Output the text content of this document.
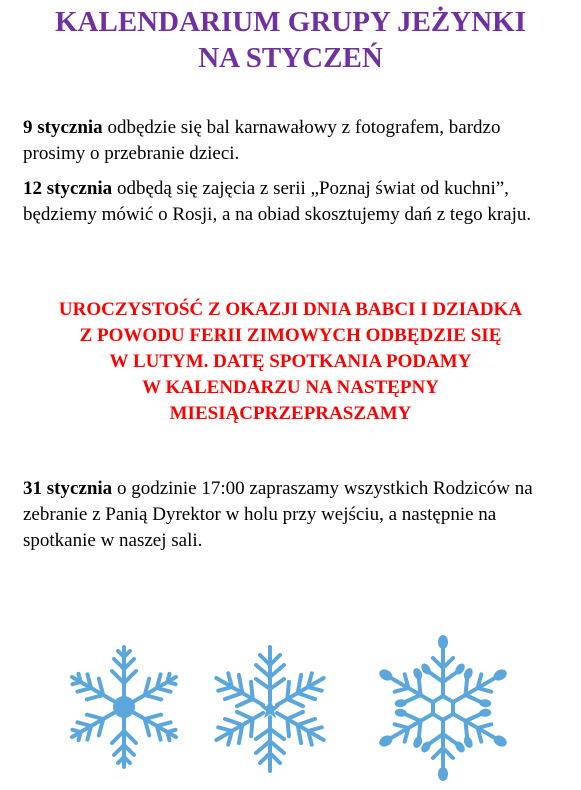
KALENDARIUM GRUPY JEŻYNKI
NA STYCZEŃ
9 stycznia odbędzie się bal karnawałowy z fotografem, bardzo prosimy o przebranie dzieci.
12 stycznia odbędą się zajęcia z serii „Poznaj świat od kuchni”, będziemy mówić o Rosji, a na obiad skosztujemy dań z tego kraju.
UROCZYSTOŚĆ Z OKAZJI DNIA BABCI I DZIADKA
Z POWODU FERII ZIMOWYCH ODBĘDZIE SIĘ
W LUTYM. DATĘ SPOTKANIA PODAMY
W KALENDARZU NA NASTĘPNY
MIESIĄCPRZEPRASZAMY
31 stycznia o godzinie 17:00 zapraszamy wszystkich Rodziców na zebranie z Panią Dyrektor w holu przy wejściu, a następnie na spotkanie w naszej sali.
